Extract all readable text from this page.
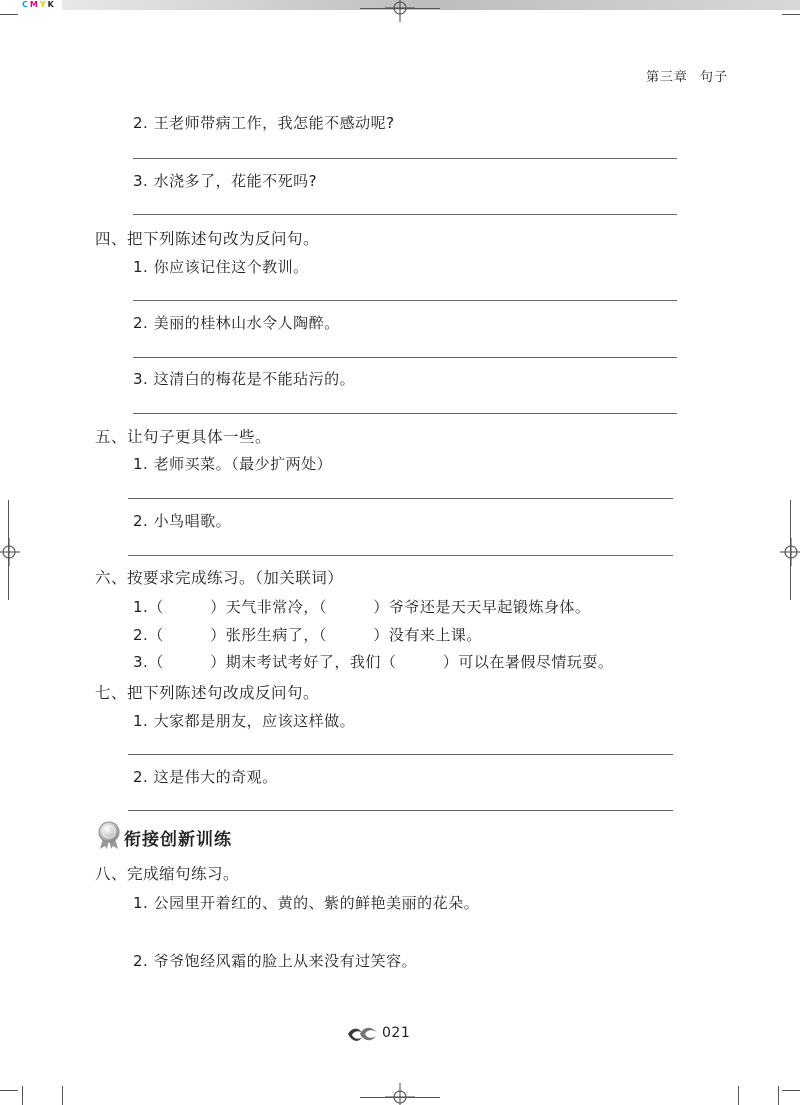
CMYK
第三章 句子
2. 王老师带病工作，我怎能不感动呢?
3. 水浇多了，花能不死吗?
四、把下列陈述句改为反问句。
1. 你应该记住这个教训。
2. 美丽的桂林山水令人陶醉。
3. 这清白的梅花是不能玷污的。
五、让句子更具体一些。
1. 老师买菜。（最少扩两处）
2. 小鸟唱歌。
六、按要求完成练习。（加关联词）
1.（　　　）天气非常冷，（　　　）爷爷还是天天早起锻炼身体。
2.（　　　）张彤生病了，（　　　）没有来上课。
3.（　　　）期末考试考好了，我们（　　　）可以在暑假尽情玩耍。
七、把下列陈述句改成反问句。
1. 大家都是朋友，应该这样做。
2. 这是伟大的奇观。
衔接创新训练
八、完成缩句练习。
1. 公园里开着红的、黄的、紫的鲜艳美丽的花朵。
2. 爷爷饱经风霜的脸上从来没有过笑容。
021
